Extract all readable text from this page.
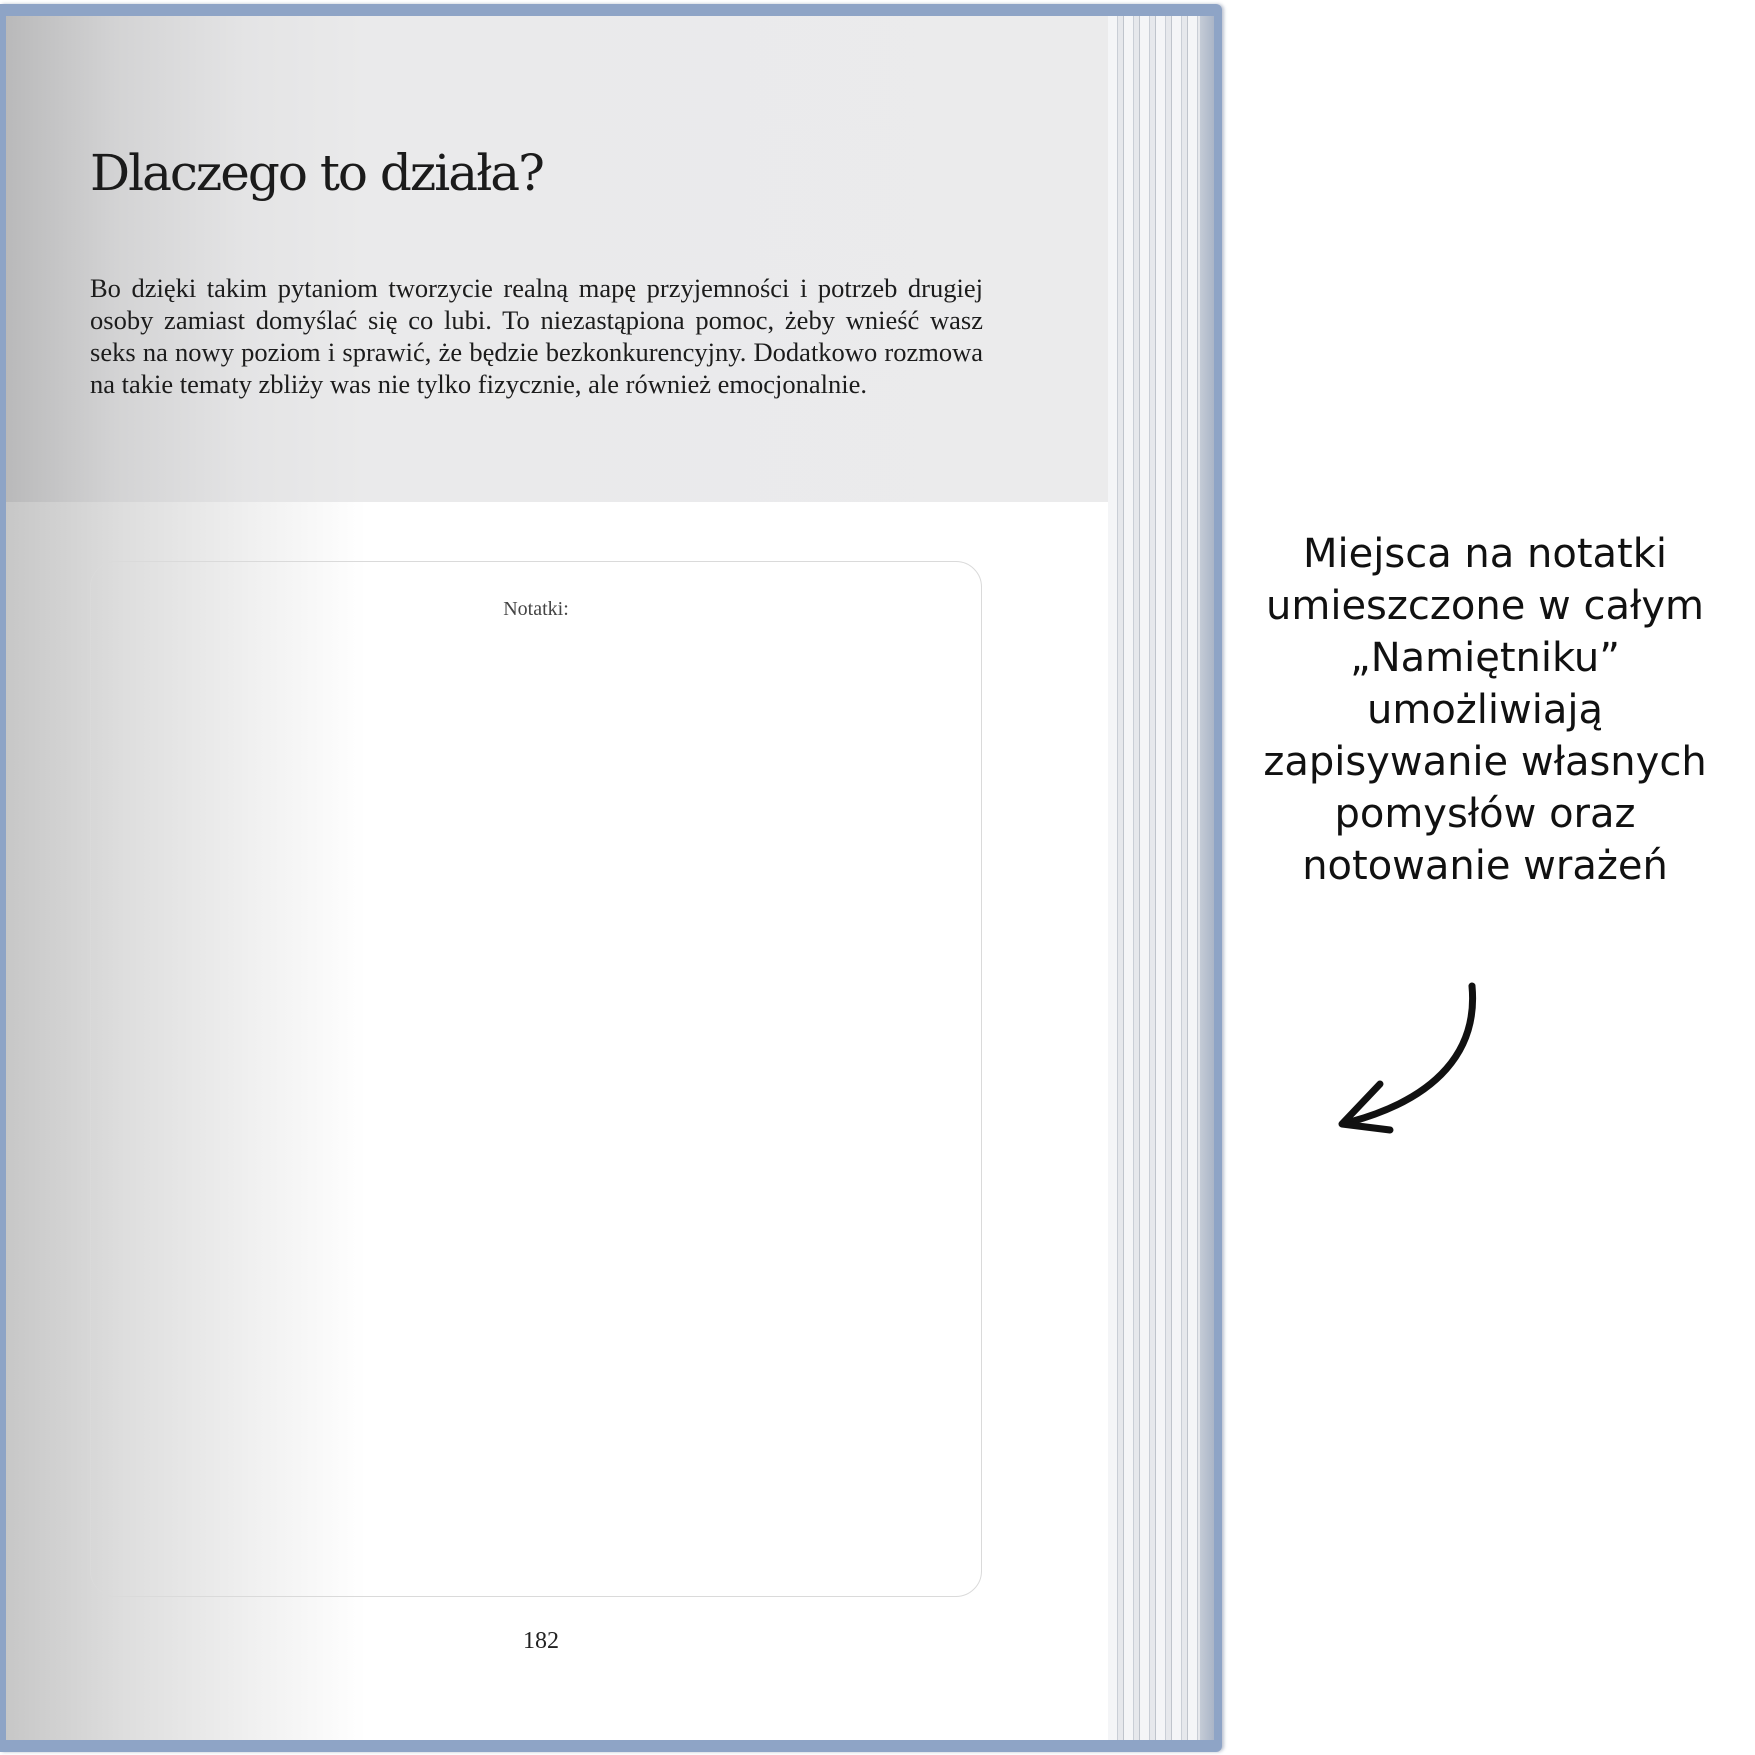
Dlaczego to działa?

Bo dzięki takim pytaniom tworzycie realną mapę przyjemności i potrzeb drugiej osoby zamiast domyślać się co lubi. To niezastąpiona pomoc, żeby wnieść wasz seks na nowy poziom i sprawić, że będzie bezkonkurencyjny. Dodatkowo rozmowa na takie tematy zbliży was nie tylko fizycznie, ale również emocjonalnie.

Notatki:
182

Miejsca na notatki umieszczone w całym „Namiętniku” umożliwiają zapisywanie własnych pomysłów oraz notowanie wrażeń
